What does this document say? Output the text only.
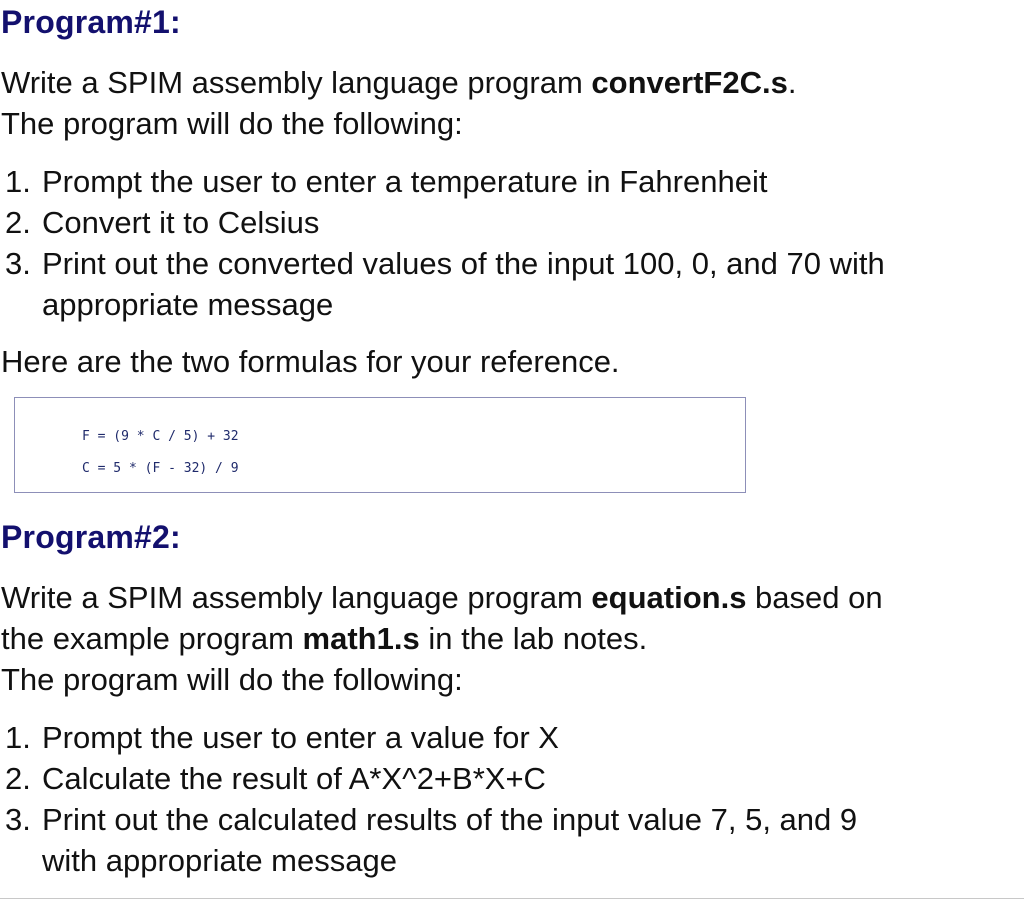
Program#1:

Write a SPIM assembly language program convertF2C.s.

The program will do the following:

1. Prompt the user to enter a temperature in Fahrenheit
2. Convert it to Celsius
3. Print out the converted values of the input 100, 0, and 70 with
appropriate message

Here are the two formulas for your reference.

F = (9 * C / 5) + 32

C = 5 * (F - 32) / 9

Program#2:

Write a SPIM assembly language program equation.s based on

the example program math1.s in the lab notes.

The program will do the following:

1. Prompt the user to enter a value for X
2. Calculate the result of A*X^2+B*X+C
3. Print out the calculated results of the input value 7, 5, and 9
with appropriate message
